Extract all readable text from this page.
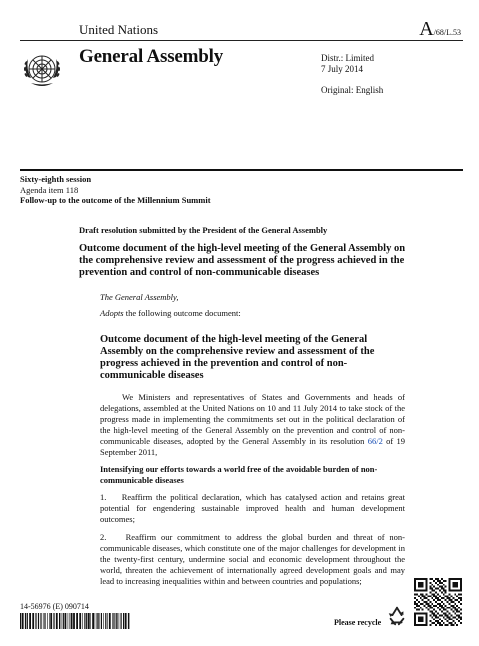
United Nations	A/68/L.53
General Assembly	Distr.: Limited
7 July 2014
Original: English
Sixty-eighth session
Agenda item 118
Follow-up to the outcome of the Millennium Summit
Draft resolution submitted by the President of the General Assembly
Outcome document of the high-level meeting of the General Assembly on the comprehensive review and assessment of the progress achieved in the prevention and control of non-communicable diseases
The General Assembly,
Adopts the following outcome document:
Outcome document of the high-level meeting of the General Assembly on the comprehensive review and assessment of the progress achieved in the prevention and control of non-communicable diseases
We Ministers and representatives of States and Governments and heads of delegations, assembled at the United Nations on 10 and 11 July 2014 to take stock of the progress made in implementing the commitments set out in the political declaration of the high-level meeting of the General Assembly on the prevention and control of non-communicable diseases, adopted by the General Assembly in its resolution 66/2 of 19 September 2011,
Intensifying our efforts towards a world free of the avoidable burden of non-communicable diseases
1. Reaffirm the political declaration, which has catalysed action and retains great potential for engendering sustainable improved health and human development outcomes;
2. Reaffirm our commitment to address the global burden and threat of non-communicable diseases, which constitute one of the major challenges for development in the twenty-first century, undermine social and economic development throughout the world, threaten the achievement of internationally agreed development goals and may lead to increasing inequalities within and between countries and populations;
14-56976 (E) 090714
Please recycle
